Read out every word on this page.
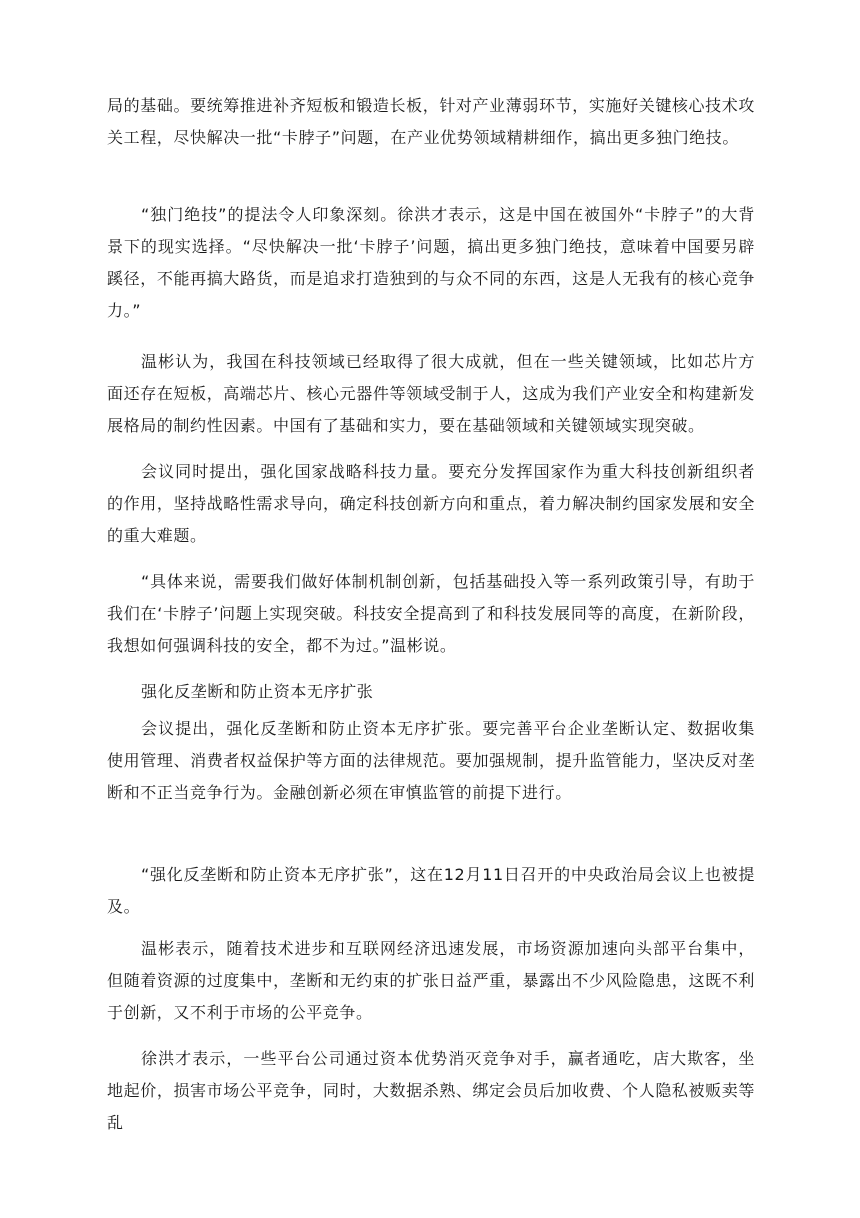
局的基础。要统筹推进补齐短板和锻造长板，针对产业薄弱环节，实施好关键核心技术攻关工程，尽快解决一批“卡脖子”问题，在产业优势领域精耕细作，搞出更多独门绝技。

“独门绝技”的提法令人印象深刻。徐洪才表示，这是中国在被国外“卡脖子”的大背景下的现实选择。“尽快解决一批‘卡脖子’问题，搞出更多独门绝技，意味着中国要另辟蹊径，不能再搞大路货，而是追求打造独到的与众不同的东西，这是人无我有的核心竞争力。”

温彬认为，我国在科技领域已经取得了很大成就，但在一些关键领域，比如芯片方面还存在短板，高端芯片、核心元器件等领域受制于人，这成为我们产业安全和构建新发展格局的制约性因素。中国有了基础和实力，要在基础领域和关键领域实现突破。

会议同时提出，强化国家战略科技力量。要充分发挥国家作为重大科技创新组织者的作用，坚持战略性需求导向，确定科技创新方向和重点，着力解决制约国家发展和安全的重大难题。

“具体来说，需要我们做好体制机制创新，包括基础投入等一系列政策引导，有助于我们在‘卡脖子’问题上实现突破。科技安全提高到了和科技发展同等的高度，在新阶段，我想如何强调科技的安全，都不为过。”温彬说。

强化反垄断和防止资本无序扩张

会议提出，强化反垄断和防止资本无序扩张。要完善平台企业垄断认定、数据收集使用管理、消费者权益保护等方面的法律规范。要加强规制，提升监管能力，坚决反对垄断和不正当竞争行为。金融创新必须在审慎监管的前提下进行。

“强化反垄断和防止资本无序扩张”，这在12月11日召开的中央政治局会议上也被提及。

温彬表示，随着技术进步和互联网经济迅速发展，市场资源加速向头部平台集中，但随着资源的过度集中，垄断和无约束的扩张日益严重，暴露出不少风险隐患，这既不利于创新，又不利于市场的公平竞争。

徐洪才表示，一些平台公司通过资本优势消灭竞争对手，赢者通吃，店大欺客，坐地起价，损害市场公平竞争，同时，大数据杀熟、绑定会员后加收费、个人隐私被贩卖等乱
